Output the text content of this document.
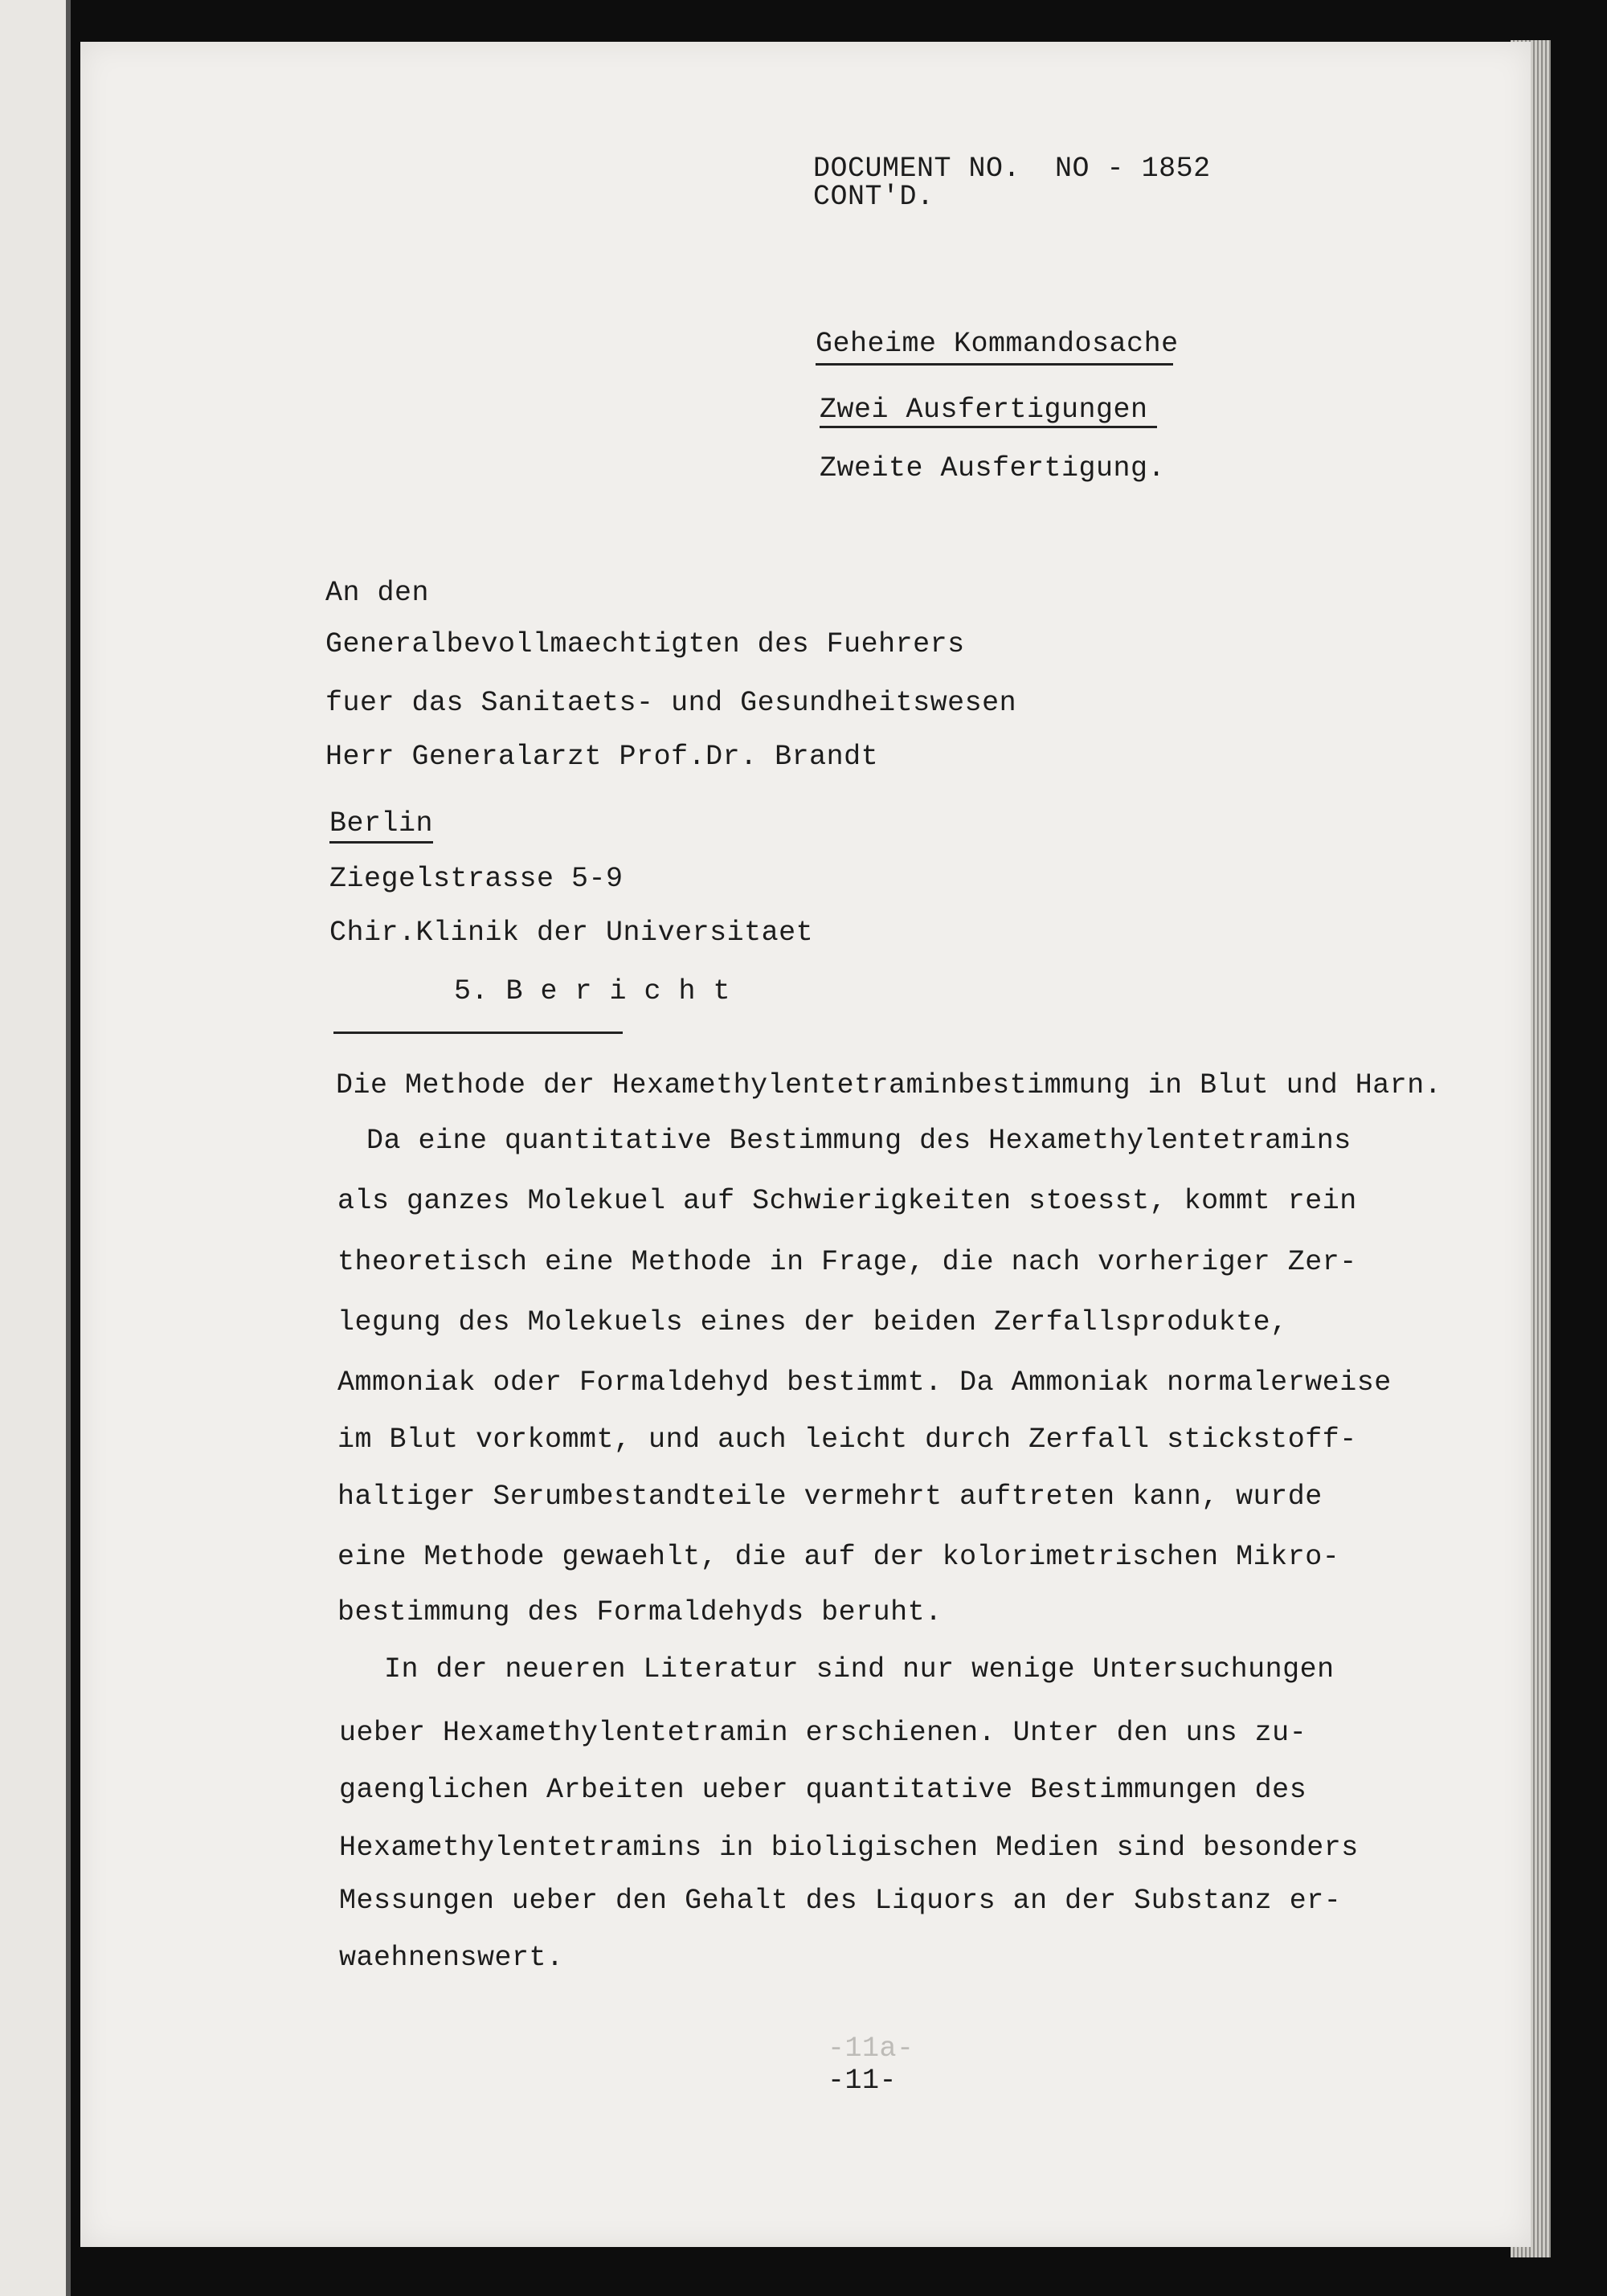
DOCUMENT NO.  NO - 1852
CONT'D.
Geheime Kommandosache
Zwei Ausfertigungen
Zweite Ausfertigung.
An den
Generalbevollmaechtigten des Fuehrers
fuer das Sanitaets- und Gesundheitswesen
Herr Generalarzt Prof.Dr. Brandt
Berlin
Ziegelstrasse 5-9
Chir.Klinik der Universitaet
5. B e r i c h t
Die Methode der Hexamethylentetraminbestimmung in Blut und Harn.
Da eine quantitative Bestimmung des Hexamethylentetramins
als ganzes Molekuel auf Schwierigkeiten stoesst, kommt rein
theoretisch eine Methode in Frage, die nach vorheriger Zer-
legung des Molekuels eines der beiden Zerfallsprodukte,
Ammoniak oder Formaldehyd bestimmt. Da Ammoniak normalerweise
im Blut vorkommt, und auch leicht durch Zerfall stickstoff-
haltiger Serumbestandteile vermehrt auftreten kann, wurde
eine Methode gewaehlt, die auf der kolorimetrischen Mikro-
bestimmung des Formaldehyds beruht.
In der neueren Literatur sind nur wenige Untersuchungen
ueber Hexamethylentetramin erschienen. Unter den uns zu-
gaenglichen Arbeiten ueber quantitative Bestimmungen des
Hexamethylentetramins in bioligischen Medien sind besonders
Messungen ueber den Gehalt des Liquors an der Substanz er-
waehnenswert.
-11a-
-11-
